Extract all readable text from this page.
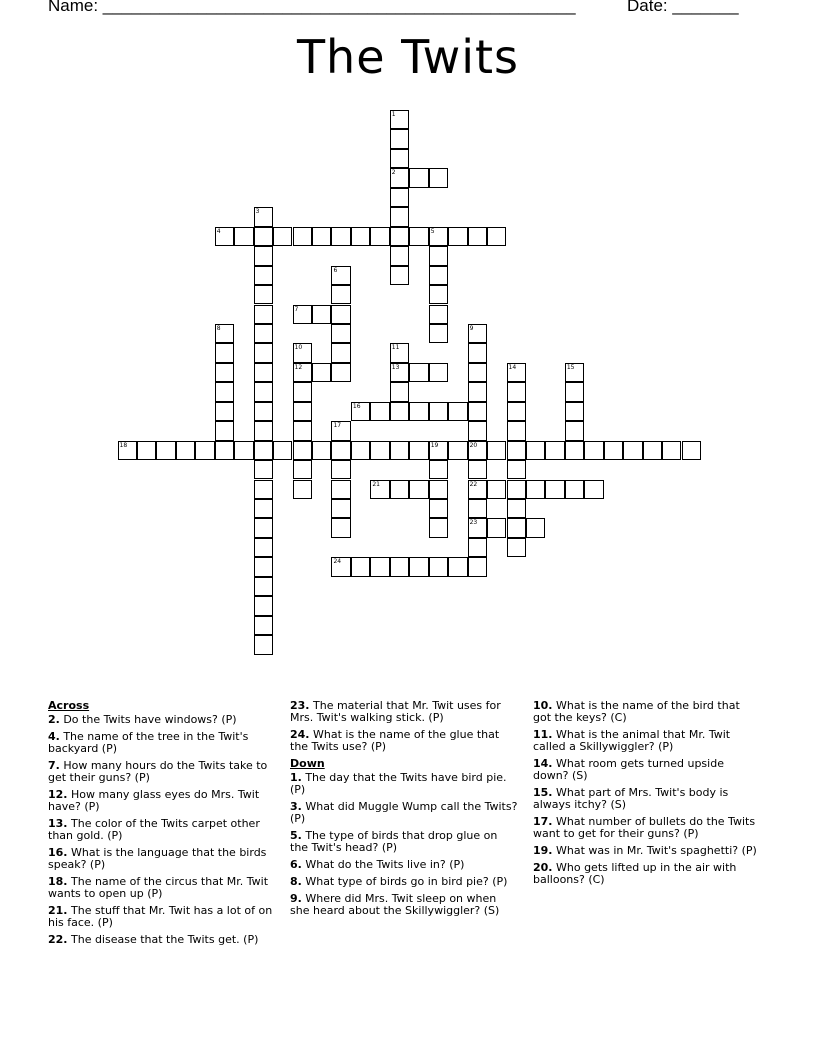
Name: __________________________________________________	Date: _______
The Twits
1
2
3
4	5
6
7
8	9
10
12
11
13	14	15
16
17
18	19	20
22
23
21
24
Across
2. Do the Twits have windows? (P)
4. The name of the tree in the Twit's backyard (P)
7. How many hours do the Twits take to get their guns? (P)
12. How many glass eyes do Mrs. Twit have? (P)
13. The color of the Twits carpet other than gold. (P)
16. What is the language that the birds speak? (P)
18. The name of the circus that Mr. Twit wants to open up (P)
21. The stuff that Mr. Twit has a lot of on his face. (P)
22. The disease that the Twits get. (P)
23. The material that Mr. Twit uses for Mrs. Twit's walking stick. (P)
24. What is the name of the glue that the Twits use? (P)
Down
1. The day that the Twits have bird pie. (P)
3. What did Muggle Wump call the Twits? (P)
5. The type of birds that drop glue on the Twit's head? (P)
6. What do the Twits live in? (P)
8. What type of birds go in bird pie? (P)
9. Where did Mrs. Twit sleep on when she heard about the Skillywiggler? (S)
10. What is the name of the bird that got the keys? (C)
11. What is the animal that Mr. Twit called a Skillywiggler? (P)
14. What room gets turned upside down? (S)
15. What part of Mrs. Twit's body is always itchy? (S)
17. What number of bullets do the Twits want to get for their guns? (P)
19. What was in Mr. Twit's spaghetti? (P)
20. Who gets lifted up in the air with balloons? (C)
